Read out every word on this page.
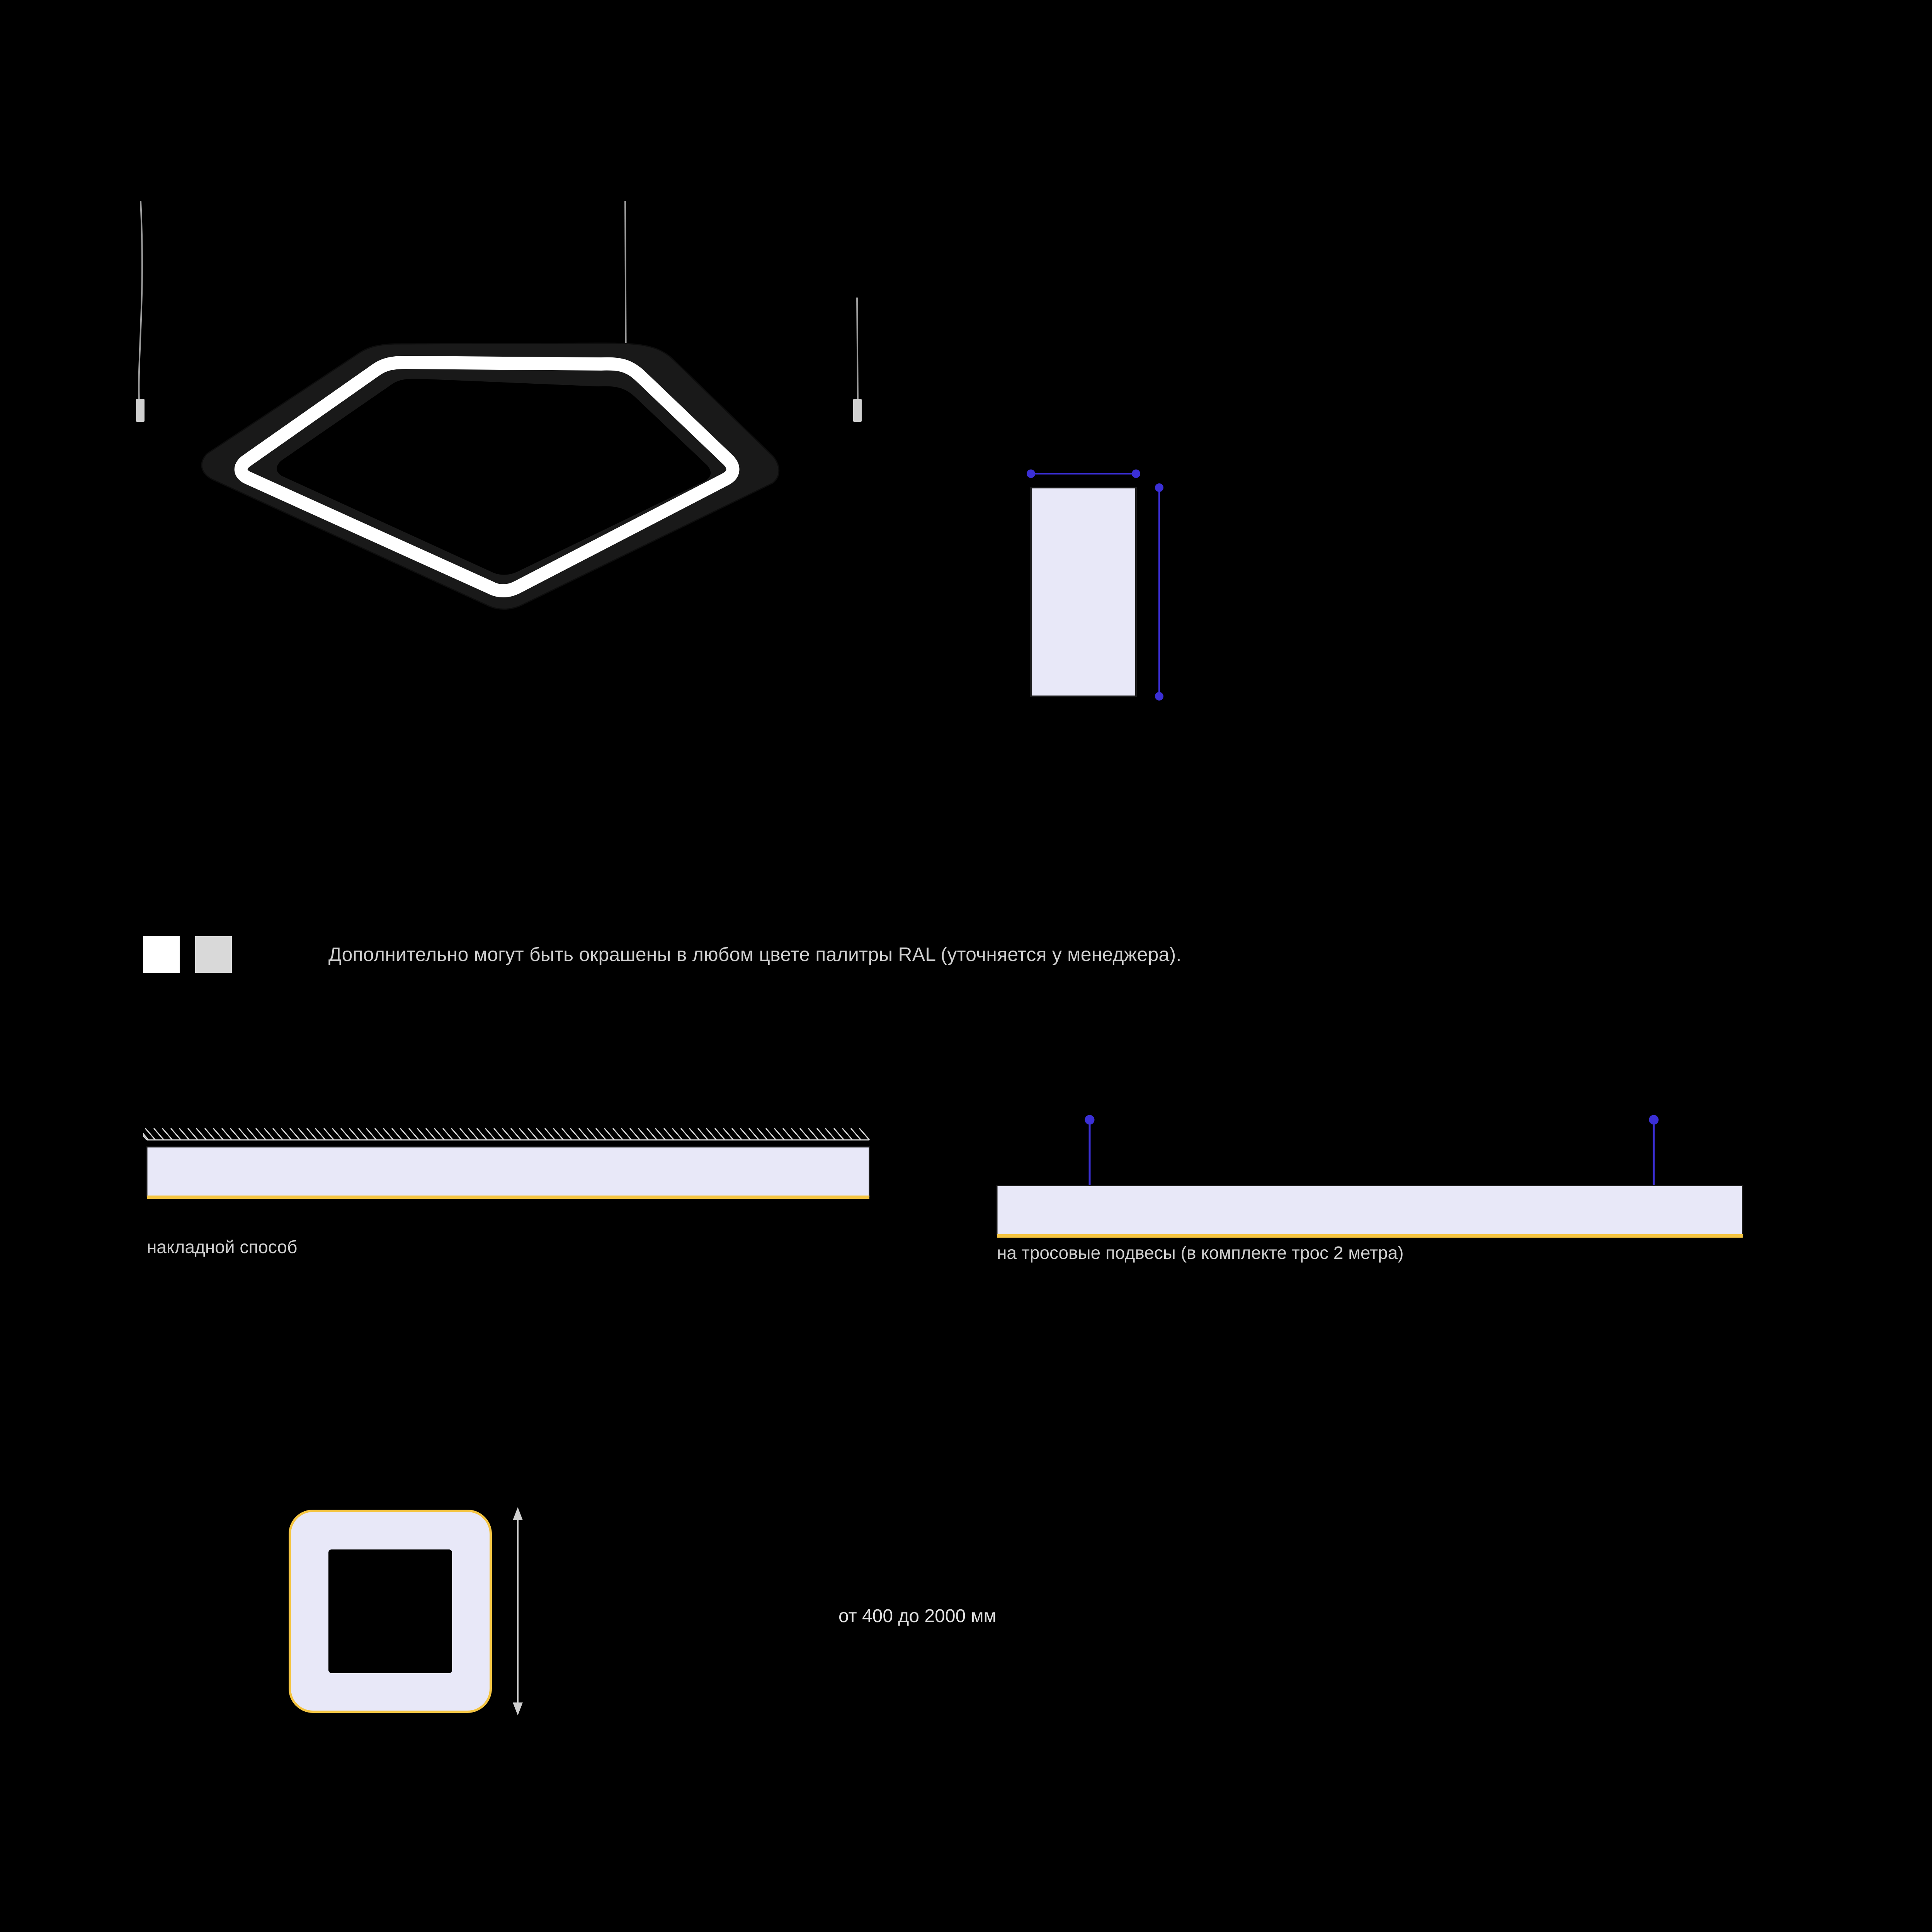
Дополнительно могут быть окрашены в любом цвете палитры RAL (уточняется у менеджера).
накладной способ	на тросовые подвесы (в комплекте трос 2 метра)
от 400 до 2000 мм
